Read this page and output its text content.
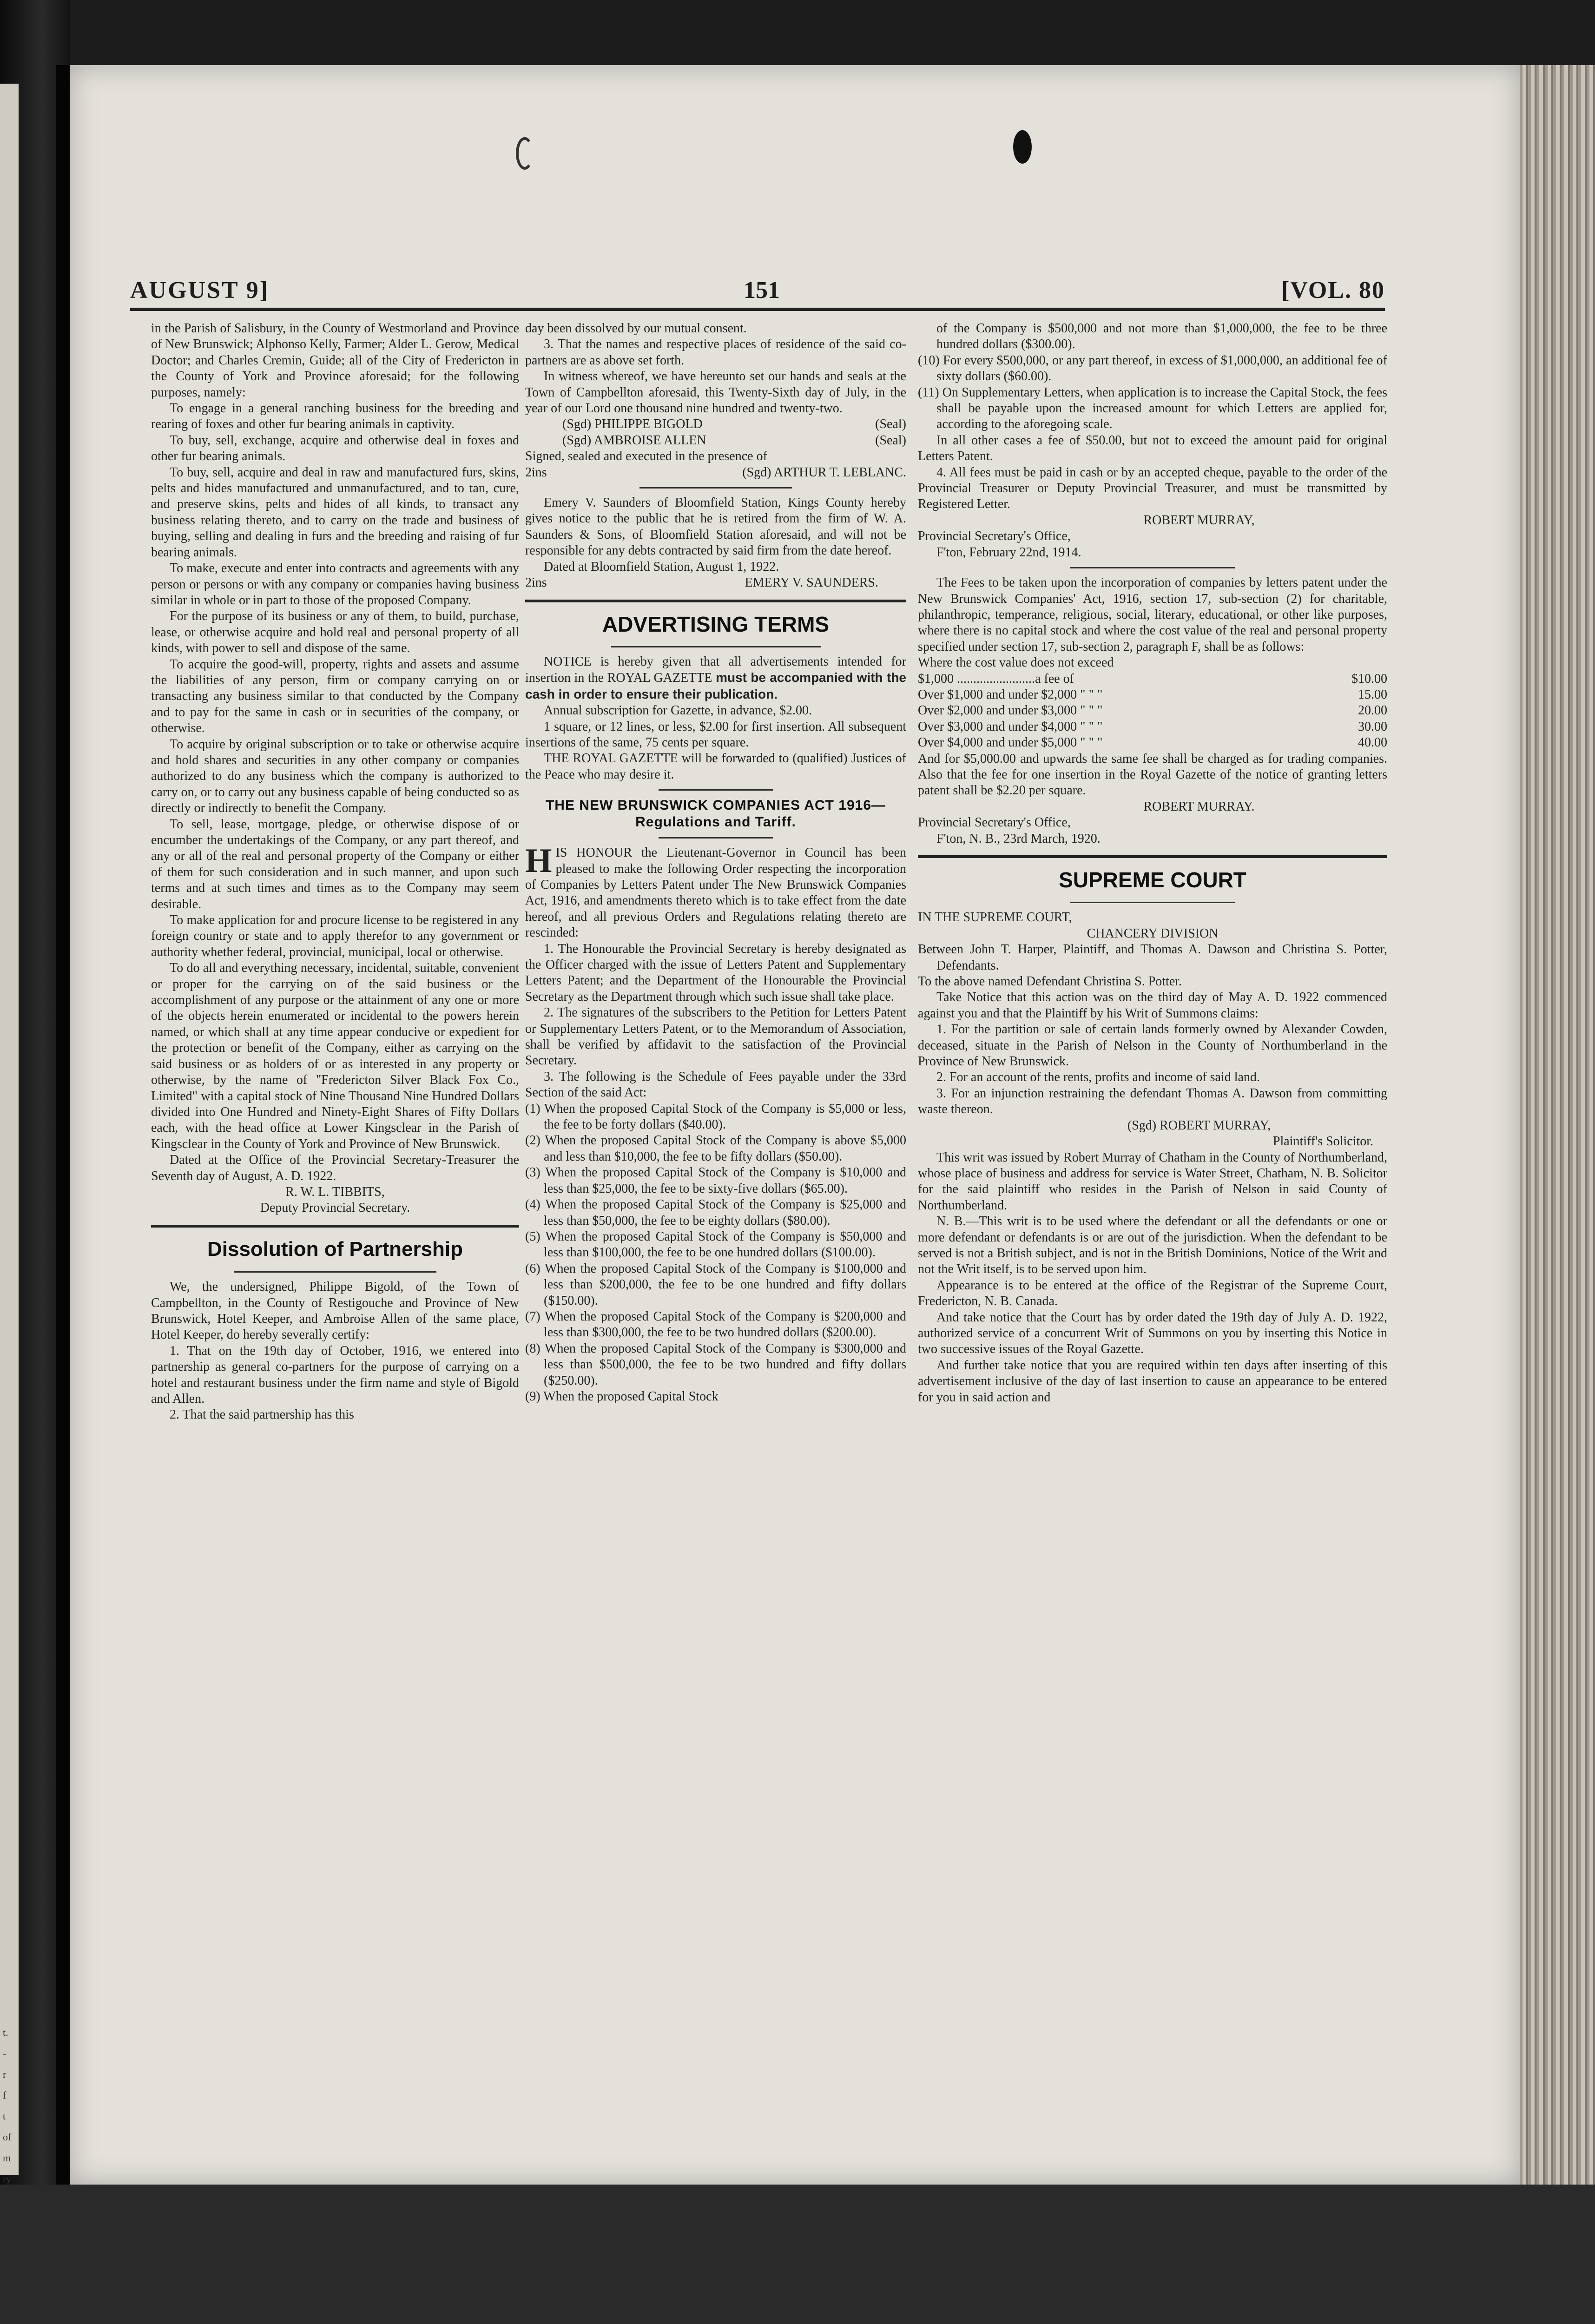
t.
-
r
f
t
of
m
ry
AUGUST 9]	151	[VOL. 80

in the Parish of Salisbury, in the County of Westmorland and Province of New Brunswick; Alphonso Kelly, Farmer; Alder L. Gerow, Medical Doctor; and Charles Cremin, Guide; all of the City of Fredericton in the County of York and Province aforesaid; for the following purposes, namely:

To engage in a general ranching business for the breeding and rearing of foxes and other fur bearing animals in captivity.

To buy, sell, exchange, acquire and otherwise deal in foxes and other fur bearing animals.

To buy, sell, acquire and deal in raw and manufactured furs, skins, pelts and hides manufactured and unmanufactured, and to tan, cure, and preserve skins, pelts and hides of all kinds, to transact any business relating thereto, and to carry on the trade and business of buying, selling and dealing in furs and the breeding and raising of fur bearing animals.

To make, execute and enter into contracts and agreements with any person or persons or with any company or companies having business similar in whole or in part to those of the proposed Company.

For the purpose of its business or any of them, to build, purchase, lease, or otherwise acquire and hold real and personal property of all kinds, with power to sell and dispose of the same.

To acquire the good-will, property, rights and assets and assume the liabilities of any person, firm or company carrying on or transacting any business similar to that conducted by the Company and to pay for the same in cash or in securities of the company, or otherwise.

To acquire by original subscription or to take or otherwise acquire and hold shares and securities in any other company or companies authorized to do any business which the company is authorized to carry on, or to carry out any business capable of being conducted so as directly or indirectly to benefit the Company.

To sell, lease, mortgage, pledge, or otherwise dispose of or encumber the undertakings of the Company, or any part thereof, and any or all of the real and personal property of the Company or either of them for such consideration and in such manner, and upon such terms and at such times and times as to the Company may seem desirable.

To make application for and procure license to be registered in any foreign country or state and to apply therefor to any government or authority whether federal, provincial, municipal, local or otherwise.

To do all and everything necessary, incidental, suitable, convenient or proper for the carrying on of the said business or the accomplishment of any purpose or the attainment of any one or more of the objects herein enumerated or incidental to the powers herein named, or which shall at any time appear conducive or expedient for the protection or benefit of the Company, either as carrying on the said business or as holders of or as interested in any property or otherwise, by the name of "Fredericton Silver Black Fox Co., Limited" with a capital stock of Nine Thousand Nine Hundred Dollars divided into One Hundred and Ninety-Eight Shares of Fifty Dollars each, with the head office at Lower Kingsclear in the Parish of Kingsclear in the County of York and Province of New Brunswick.

Dated at the Office of the Provincial Secretary-Treasurer the Seventh day of August, A. D. 1922.

R. W. L. TIBBITS,

Deputy Provincial Secretary.

Dissolution of Partnership

We, the undersigned, Philippe Bigold, of the Town of Campbellton, in the County of Restigouche and Province of New Brunswick, Hotel Keeper, and Ambroise Allen of the same place, Hotel Keeper, do hereby severally certify:

1. That on the 19th day of October, 1916, we entered into partnership as general co-partners for the purpose of carrying on a hotel and restaurant business under the firm name and style of Bigold and Allen.

2. That the said partnership has this

day been dissolved by our mutual consent.

3. That the names and respective places of residence of the said co-partners are as above set forth.

In witness whereof, we have hereunto set our hands and seals at the Town of Campbellton aforesaid, this Twenty-Sixth day of July, in the year of our Lord one thousand nine hundred and twenty-two.

(Sgd) PHILIPPE BIGOLD	(Seal)
(Sgd) AMBROISE ALLEN	(Seal)

Signed, sealed and executed in the presence of

2ins	(Sgd) ARTHUR T. LEBLANC.

Emery V. Saunders of Bloomfield Station, Kings County hereby gives notice to the public that he is retired from the firm of W. A. Saunders & Sons, of Bloomfield Station aforesaid, and will not be responsible for any debts contracted by said firm from the date hereof.

Dated at Bloomfield Station, August 1, 1922.

2ins	EMERY V. SAUNDERS.
ADVERTISING TERMS

NOTICE is hereby given that all advertisements intended for insertion in the ROYAL GAZETTE must be accompanied with the cash in order to ensure their publication.

Annual subscription for Gazette, in advance, $2.00.

1 square, or 12 lines, or less, $2.00 for first insertion. All subsequent insertions of the same, 75 cents per square.

THE ROYAL GAZETTE will be forwarded to (qualified) Justices of the Peace who may desire it.

THE NEW BRUNSWICK COMPANIES ACT 1916—Regulations and Tariff.

HIS HONOUR the Lieutenant-Governor in Council has been pleased to make the following Order respecting the incorporation of Companies by Letters Patent under The New Brunswick Companies Act, 1916, and amendments thereto which is to take effect from the date hereof, and all previous Orders and Regulations relating thereto are rescinded:

1. The Honourable the Provincial Secretary is hereby designated as the Officer charged with the issue of Letters Patent and Supplementary Letters Patent; and the Department of the Honourable the Provincial Secretary as the Department through which such issue shall take place.

2. The signatures of the subscribers to the Petition for Letters Patent or Supplementary Letters Patent, or to the Memorandum of Association, shall be verified by affidavit to the satisfaction of the Provincial Secretary.

3. The following is the Schedule of Fees payable under the 33rd Section of the said Act:

(1) When the proposed Capital Stock of the Company is $5,000 or less, the fee to be forty dollars ($40.00).

(2) When the proposed Capital Stock of the Company is above $5,000 and less than $10,000, the fee to be fifty dollars ($50.00).

(3) When the proposed Capital Stock of the Company is $10,000 and less than $25,000, the fee to be sixty-five dollars ($65.00).

(4) When the proposed Capital Stock of the Company is $25,000 and less than $50,000, the fee to be eighty dollars ($80.00).

(5) When the proposed Capital Stock of the Company is $50,000 and less than $100,000, the fee to be one hundred dollars ($100.00).

(6) When the proposed Capital Stock of the Company is $100,000 and less than $200,000, the fee to be one hundred and fifty dollars ($150.00).

(7) When the proposed Capital Stock of the Company is $200,000 and less than $300,000, the fee to be two hundred dollars ($200.00).

(8) When the proposed Capital Stock of the Company is $300,000 and less than $500,000, the fee to be two hundred and fifty dollars ($250.00).

(9) When the proposed Capital Stock

of the Company is $500,000 and not more than $1,000,000, the fee to be three hundred dollars ($300.00).

(10) For every $500,000, or any part thereof, in excess of $1,000,000, an additional fee of sixty dollars ($60.00).

(11) On Supplementary Letters, when application is to increase the Capital Stock, the fees shall be payable upon the increased amount for which Letters are applied for, according to the aforegoing scale.

In all other cases a fee of $50.00, but not to exceed the amount paid for original Letters Patent.

4. All fees must be paid in cash or by an accepted cheque, payable to the order of the Provincial Treasurer or Deputy Provincial Treasurer, and must be transmitted by Registered Letter.

ROBERT MURRAY,

Provincial Secretary's Office,

F'ton, February 22nd, 1914.

The Fees to be taken upon the incorporation of companies by letters patent under the New Brunswick Companies' Act, 1916, section 17, sub-section (2) for charitable, philanthropic, temperance, religious, social, literary, educational, or other like purposes, where there is no capital stock and where the cost value of the real and personal property specified under section 17, sub-section 2, paragraph F, shall be as follows:

Where the cost value does not exceed

$1,000 ........................a fee of	$10.00
Over $1,000 and under $2,000 " " "	15.00
Over $2,000 and under $3,000 " " "	20.00
Over $3,000 and under $4,000 " " "	30.00
Over $4,000 and under $5,000 " " "	40.00

And for $5,000.00 and upwards the same fee shall be charged as for trading companies. Also that the fee for one insertion in the Royal Gazette of the notice of granting letters patent shall be $2.20 per square.

ROBERT MURRAY.

Provincial Secretary's Office,

F'ton, N. B., 23rd March, 1920.

SUPREME COURT

IN THE SUPREME COURT,

CHANCERY DIVISION

Between John T. Harper, Plaintiff, and Thomas A. Dawson and Christina S. Potter, Defendants.

To the above named Defendant Christina S. Potter.

Take Notice that this action was on the third day of May A. D. 1922 commenced against you and that the Plaintiff by his Writ of Summons claims:

1. For the partition or sale of certain lands formerly owned by Alexander Cowden, deceased, situate in the Parish of Nelson in the County of Northumberland in the Province of New Brunswick.

2. For an account of the rents, profits and income of said land.

3. For an injunction restraining the defendant Thomas A. Dawson from committing waste thereon.

(Sgd) ROBERT MURRAY,

Plaintiff's Solicitor.

This writ was issued by Robert Murray of Chatham in the County of Northumberland, whose place of business and address for service is Water Street, Chatham, N. B. Solicitor for the said plaintiff who resides in the Parish of Nelson in said County of Northumberland.

N. B.—This writ is to be used where the defendant or all the defendants or one or more defendant or defendants is or are out of the jurisdiction. When the defendant to be served is not a British subject, and is not in the British Dominions, Notice of the Writ and not the Writ itself, is to be served upon him.

Appearance is to be entered at the office of the Registrar of the Supreme Court, Fredericton, N. B. Canada.

And take notice that the Court has by order dated the 19th day of July A. D. 1922, authorized service of a concurrent Writ of Summons on you by inserting this Notice in two successive issues of the Royal Gazette.

And further take notice that you are required within ten days after inserting of this advertisement inclusive of the day of last insertion to cause an appearance to be entered for you in said action and
